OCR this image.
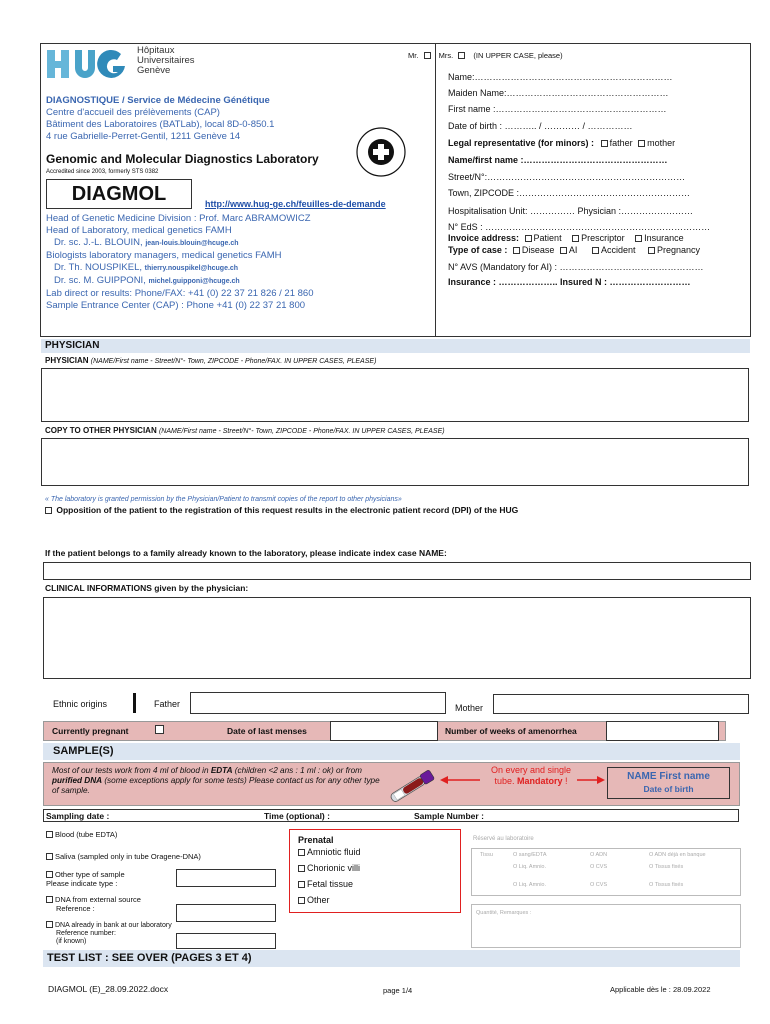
Hôpitaux
Universitaires
Genève
DIAGNOSTIQUE / Service de Médecine Génétique
Centre d'accueil des prélèvements (CAP)
Bâtiment des Laboratoires (BATLab), local 8D-0-850.1
4 rue Gabrielle-Perret-Gentil, 1211 Genève 14
Genomic and Molecular Diagnostics Laboratory
Accredited since 2003, formerly STS 0382
DIAGMOL	http://www.hug-ge.ch/feuilles-de-demande
Head of Genetic Medicine Division : Prof. Marc ABRAMOWICZ
Head of Laboratory, medical genetics FAMH
Dr. sc. J.-L. BLOUIN, jean-louis.blouin@hcuge.ch
Biologists laboratory managers, medical genetics FAMH
Dr. Th. NOUSPIKEL, thierry.nouspikel@hcuge.ch
Dr. sc. M. GUIPPONI, michel.guipponi@hcuge.ch
Lab direct or results: Phone/FAX: +41 (0) 22 37 21 826 / 21 860
Sample Entrance Center (CAP) : Phone +41 (0) 22 37 21 800
Mr.	Mrs.	(IN UPPER CASE, please)
Name:…………………………………………………………
Maiden Name:………………………………………………
First name :…………………………………………………
Date of birth : ……….. / ………… / ……………
Legal representative (for minors) : father mother
Name/first name :…………………………………………
Street/N°:…………………………………………………………
Town, ZIPCODE :…………………………………………………
Hospitalisation Unit: …………… Physician :……………………
N° EdS : …………………………………………………………………
Invoice address: Patient Prescriptor Insurance
Type of case : Disease AI	Accident Pregnancy
N° AVS (Mandatory for AI) : …………………………………………
Insurance : ……………….. Insured N : ………………………
PHYSICIAN
PHYSICIAN (NAME/First name - Street/N°- Town, ZIPCODE - Phone/FAX. IN UPPER CASES, PLEASE)
COPY TO OTHER PHYSICIAN (NAME/First name - Street/N°- Town, ZIPCODE - Phone/FAX. IN UPPER CASES, PLEASE)
« The laboratory is granted permission by the Physician/Patient to transmit copies of the report to other physicians»
Opposition of the patient to the registration of this request results in the electronic patient record (DPI) of the HUG
If the patient belongs to a family already known to the laboratory, please indicate index case NAME:
CLINICAL INFORMATIONS given by the physician:
Ethnic origins	Father	Mother
Currently pregnant	Date of last menses	Number of weeks of amenorrhea
SAMPLE(S)
Most of our tests work from 4 ml of blood in EDTA (children <2 ans : 1 ml : ok) or from purified DNA (some exceptions apply for some tests) Please contact us for any other type of sample.
On every and single
tube. Mandatory !	NAME First name
Date of birth
Sampling date :	Time (optional) :	Sample Number :
Blood (tube EDTA)
Saliva (sampled only in tube Oragene-DNA)
Other type of sample
Please indicate type :
DNA from external source
Reference :
DNA already in bank at our laboratory
Reference number:
(if known)
Prenatal
Amniotic fluid
Chorionic villi
Fetal tissue
Other
Réservé au laboratoire
Tissu	O sang/EDTA	O ADN	O ADN déjà en banque
O Liq. Amnio.	O CVS	O Tissus fixés
O Liq. Amnio.	O CVS	O Tissus fixés
Quantité, Remarques :
TEST LIST : SEE OVER (PAGES 3 ET 4)
DIAGMOL (E)_28.09.2022.docx	page 1/4	Applicable dès le : 28.09.2022
